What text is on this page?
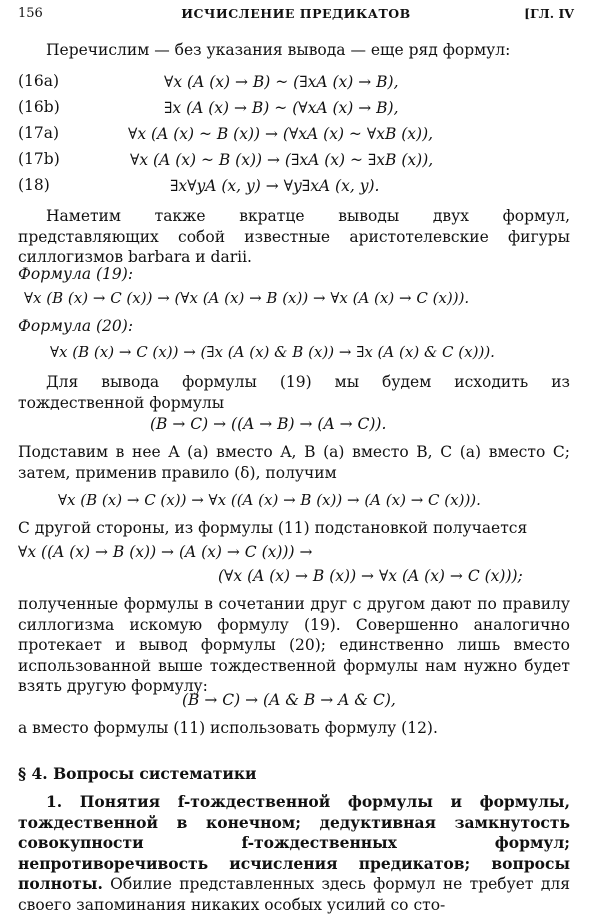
156	ИСЧИСЛЕНИЕ ПРЕДИКАТОВ	[ГЛ. IV
Перечислим — без указания вывода — еще ряд формул:
(16a)	∀x (A (x) → B) ~ (∃xA (x) → B),
(16b)	∃x (A (x) → B) ~ (∀xA (x) → B),
(17a)	∀x (A (x) ~ B (x)) → (∀xA (x) ~ ∀xB (x)),
(17b)	∀x (A (x) ~ B (x)) → (∃xA (x) ~ ∃xB (x)),
(18)	∃x∀yA (x, y) → ∀y∃xA (x, y).
Наметим также вкратце выводы двух формул, представляющих собой известные аристотелевские фигуры силлогизмов barbara и darii.
Формула (19):
∀x (B (x) → C (x)) → (∀x (A (x) → B (x)) → ∀x (A (x) → C (x))).
Формула (20):
∀x (B (x) → C (x)) → (∃x (A (x) & B (x)) → ∃x (A (x) & C (x))).
Для вывода формулы (19) мы будем исходить из тождественной формулы
(B → C) → ((A → B) → (A → C)).
Подставим в нее A (a) вместо A, B (a) вместо B, C (a) вместо C; затем, применив правило (δ), получим
∀x (B (x) → C (x)) → ∀x ((A (x) → B (x)) → (A (x) → C (x))).
С другой стороны, из формулы (11) подстановкой получается
∀x ((A (x) → B (x)) → (A (x) → C (x))) →
(∀x (A (x) → B (x)) → ∀x (A (x) → C (x)));
полученные формулы в сочетании друг с другом дают по правилу силлогизма искомую формулу (19). Совершенно аналогично протекает и вывод формулы (20); единственно лишь вместо использованной выше тождественной формулы нам нужно будет взять другую формулу:
(B → C) → (A & B → A & C),
а вместо формулы (11) использовать формулу (12).
§ 4. Вопросы систематики
1. Понятия f-тождественной формулы и формулы, тождественной в конечном; дедуктивная замкнутость совокупности f-тождественных формул; непротиворечивость исчисления предикатов; вопросы полноты. Обилие представленных здесь формул не требует для своего запоминания никаких особых усилий со сто-
